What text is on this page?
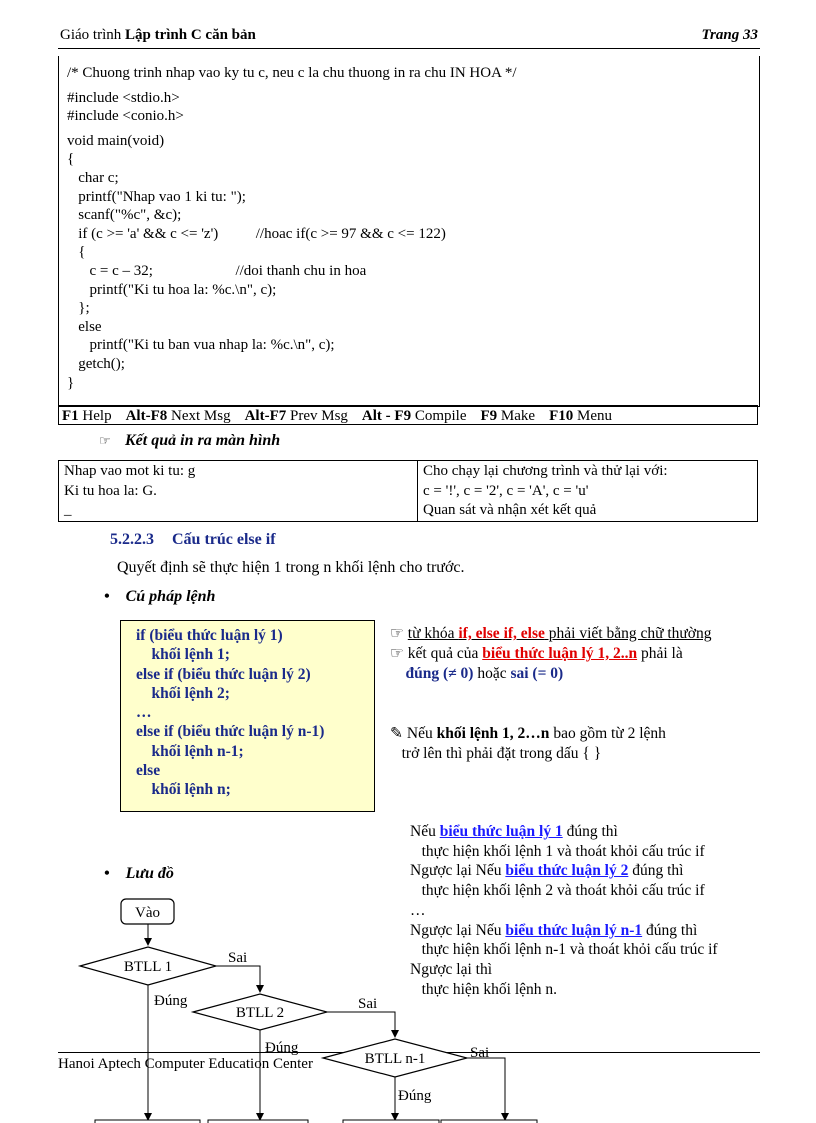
Giáo trình Lập trình C căn bản	Trang 33
/* Chuong trinh nhap vao ky tu c, neu c la chu thuong in ra chu IN HOA */
#include <stdio.h>
#include <conio.h>
void main(void)
{
char c;
printf("Nhap vao 1 ki tu: ");
scanf("%c", &c);
if (c >= 'a' && c <= 'z')          //hoac if(c >= 97 && c <= 122)
{
c = c – 32;                      //doi thanh chu in hoa
printf("Ki tu hoa la: %c.\n", c);
};
else
printf("Ki tu ban vua nhap la: %c.\n", c);
getch();
}
F1 Help Alt-F8 Next Msg Alt-F7 Prev Msg Alt - F9 Compile F9 Make F10 Menu
☞ Kết quả in ra màn hình
Nhap vao mot ki tu: g
Ki tu hoa la: G.
_
Cho chạy lại chương trình và thử lại với:
c = '!', c = '2', c = 'A', c = 'u'
Quan sát và nhận xét kết quả
5.2.2.3 Cấu trúc else if
Quyết định sẽ thực hiện 1 trong n khối lệnh cho trước.
•    Cú pháp lệnh
if (biểu thức luận lý 1)
khối lệnh 1;
else if (biểu thức luận lý 2)
khối lệnh 2;
…
else if (biểu thức luận lý n-1)
khối lệnh n-1;
else
khối lệnh n;
☞ từ khóa if, else if, else phải viết bằng chữ thường
☞ kết quả của biểu thức luận lý 1, 2..n phải là
đúng (≠ 0) hoặc sai (= 0)
✎ Nếu khối lệnh 1, 2…n bao gồm từ 2 lệnh
trở lên thì phải đặt trong dấu { }
Nếu biểu thức luận lý 1 đúng thì
thực hiện khối lệnh 1 và thoát khỏi cấu trúc if
Ngược lại Nếu biểu thức luận lý 2 đúng thì
thực hiện khối lệnh 2 và thoát khỏi cấu trúc if
…
Ngược lại Nếu biểu thức luận lý n-1 đúng thì
thực hiện khối lệnh n-1 và thoát khỏi cấu trúc if
Ngược lại thì
thực hiện khối lệnh n.
•    Lưu đồ
Hanoi Aptech Computer Education Center
Vào
BTLL 1
Sai
Đúng
BTLL 2
Sai
Đúng
BTLL n-1	Sai
Đúng
